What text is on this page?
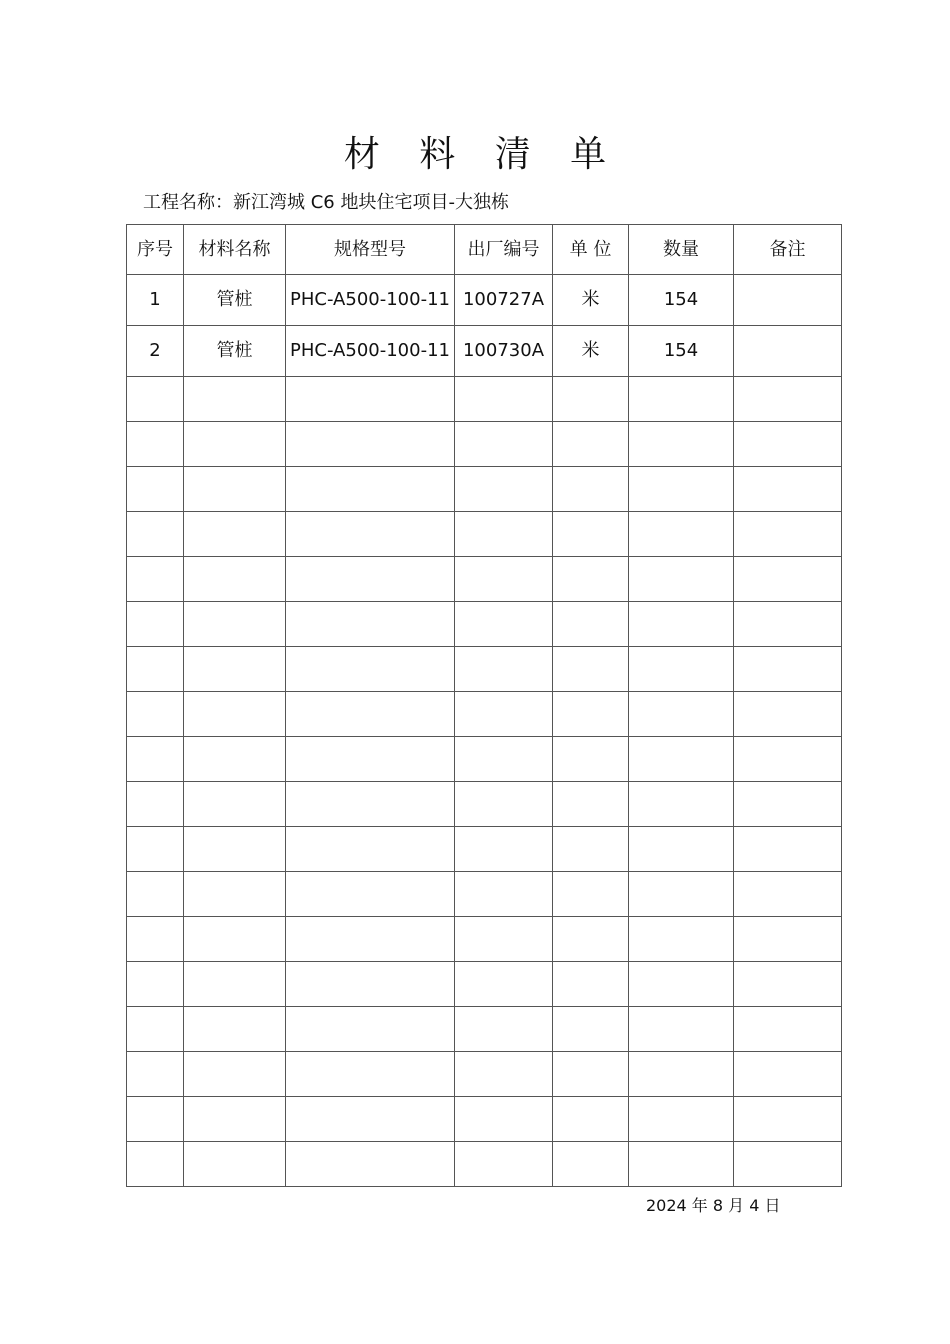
材 料 清 单
工程名称：新江湾城 C6 地块住宅项目-大独栋
序号	材料名称	规格型号	出厂编号	单 位	数量	备注
1	管桩	PHC-A500-100-11	100727A	米	154	
2	管桩	PHC-A500-100-11	100730A	米	154	

2024 年 8 月 4 日
